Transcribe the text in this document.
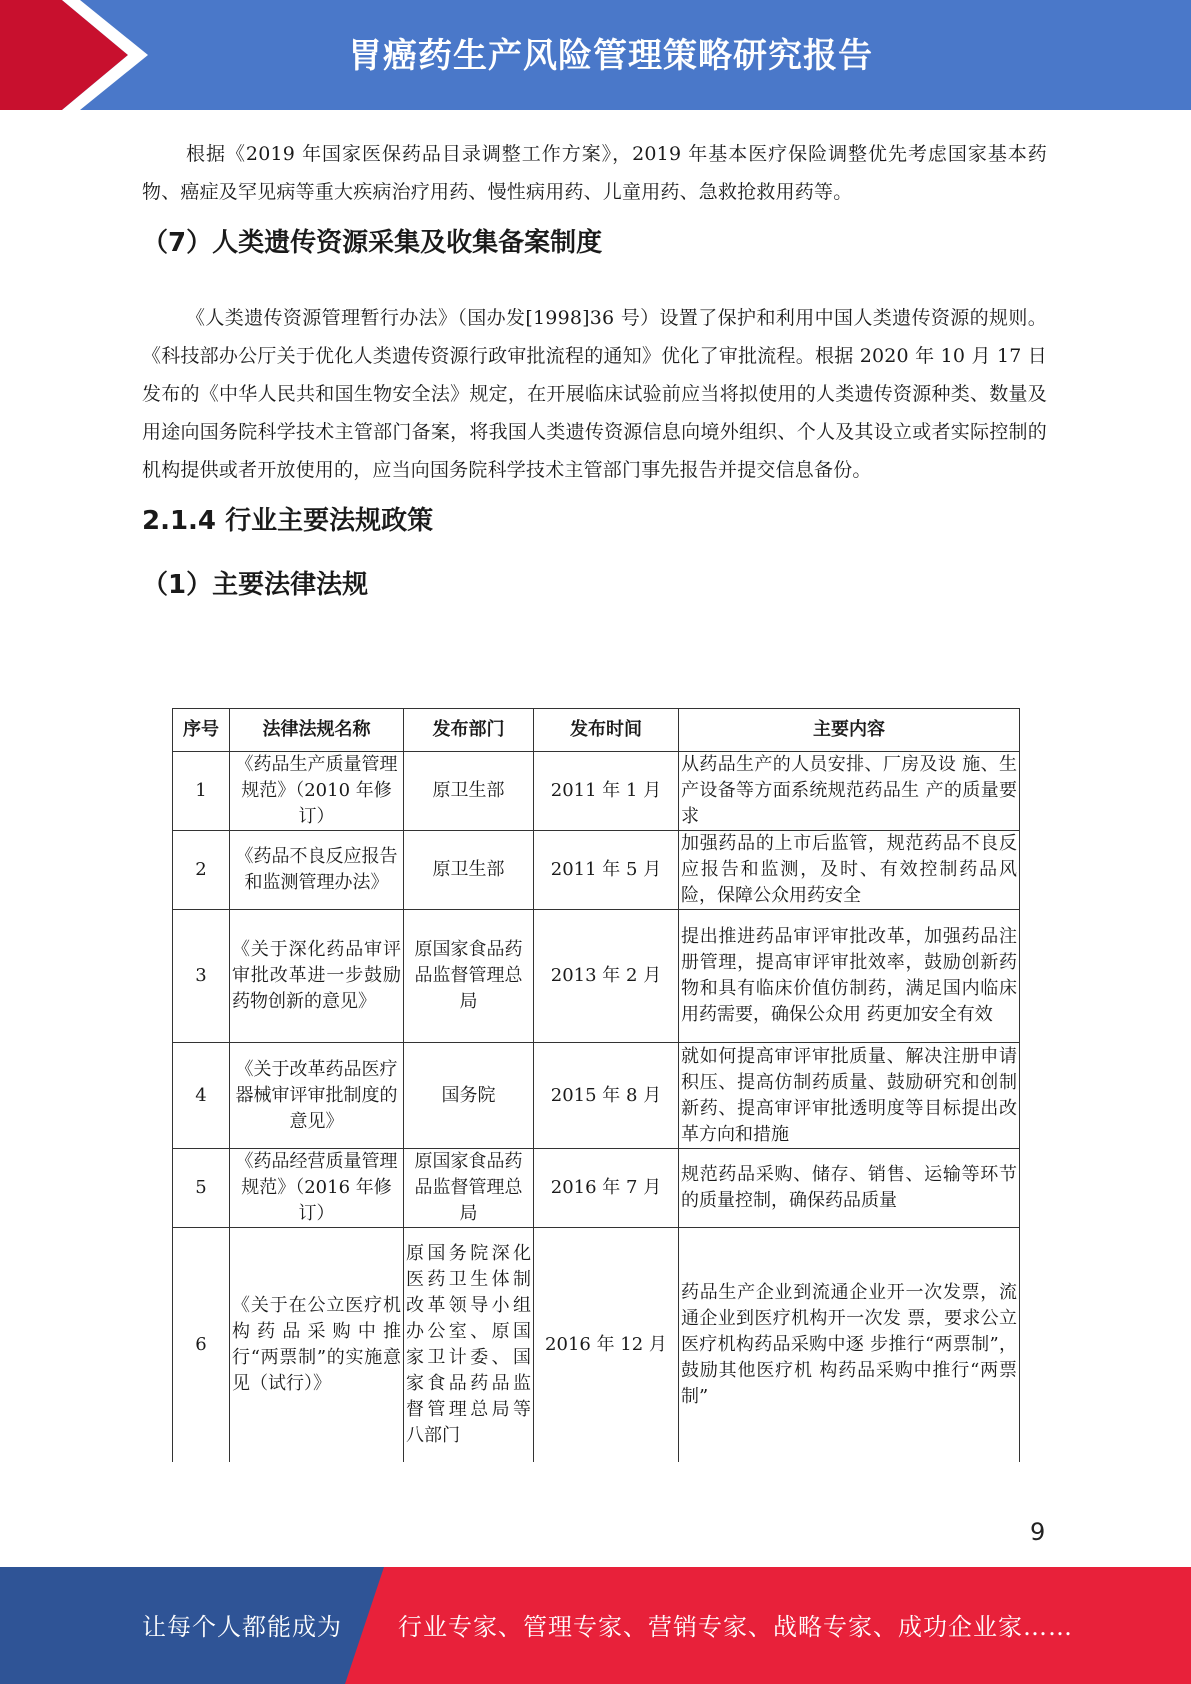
胃癌药生产风险管理策略研究报告

根据《2019 年国家医保药品目录调整工作方案》，2019 年基本医疗保险调整优先考虑国家基本药物、癌症及罕见病等重大疾病治疗用药、慢性病用药、儿童用药、急救抢救用药等。

（7）人类遗传资源采集及收集备案制度

《人类遗传资源管理暂行办法》（国办发[1998]36 号）设置了保护和利用中国人类遗传资源的规则。《科技部办公厅关于优化人类遗传资源行政审批流程的通知》优化了审批流程。根据 2020 年 10 月 17 日发布的《中华人民共和国生物安全法》规定，在开展临床试验前应当将拟使用的人类遗传资源种类、数量及用途向国务院科学技术主管部门备案，将我国人类遗传资源信息向境外组织、个人及其设立或者实际控制的机构提供或者开放使用的，应当向国务院科学技术主管部门事先报告并提交信息备份。

2.1.4 行业主要法规政策
（1）主要法律法规
序号	法律法规名称	发布部门	发布时间	主要内容
1	《药品生产质量管理规范》（2010 年修订）	原卫生部	2011 年 1 月	从药品生产的人员安排、厂房及设 施、生产设备等方面系统规范药品生 产的质量要求
2	《药品不良反应报告和监测管理办法》	原卫生部	2011 年 5 月	加强药品的上市后监管，规范药品不良反应报告和监测，及时、有效控制药品风险，保障公众用药安全
3	《关于深化药品审评审批改革进一步鼓励药物创新的意见》	原国家食品药品监督管理总局	2013 年 2 月	提出推进药品审评审批改革，加强药品注册管理，提高审评审批效率，鼓励创新药物和具有临床价值仿制药，满足国内临床用药需要，确保公众用 药更加安全有效
4	《关于改革药品医疗器械审评审批制度的意见》	国务院	2015 年 8 月	就如何提高审评审批质量、解决注册申请积压、提高仿制药质量、鼓励研究和创制新药、提高审评审批透明度等目标提出改革方向和措施
5	《药品经营质量管理规范》（2016 年修订）	原国家食品药品监督管理总局	2016 年 7 月	规范药品采购、储存、销售、运输等环节的质量控制，确保药品质量
6	《关于在公立医疗机构药品采购中推行“两票制”的实施意见（试行）》	原国务院深化医药卫生体制改革领导小组办公室、原国家卫计委、国家食品药品监督管理总局等八部门	2016 年 12 月	药品生产企业到流通企业开一次发票，流通企业到医疗机构开一次发 票，要求公立医疗机构药品采购中逐 步推行“两票制”，鼓励其他医疗机 构药品采购中推行“两票制”
9
让每个人都能成为 行业专家、管理专家、营销专家、战略专家、成功企业家……
